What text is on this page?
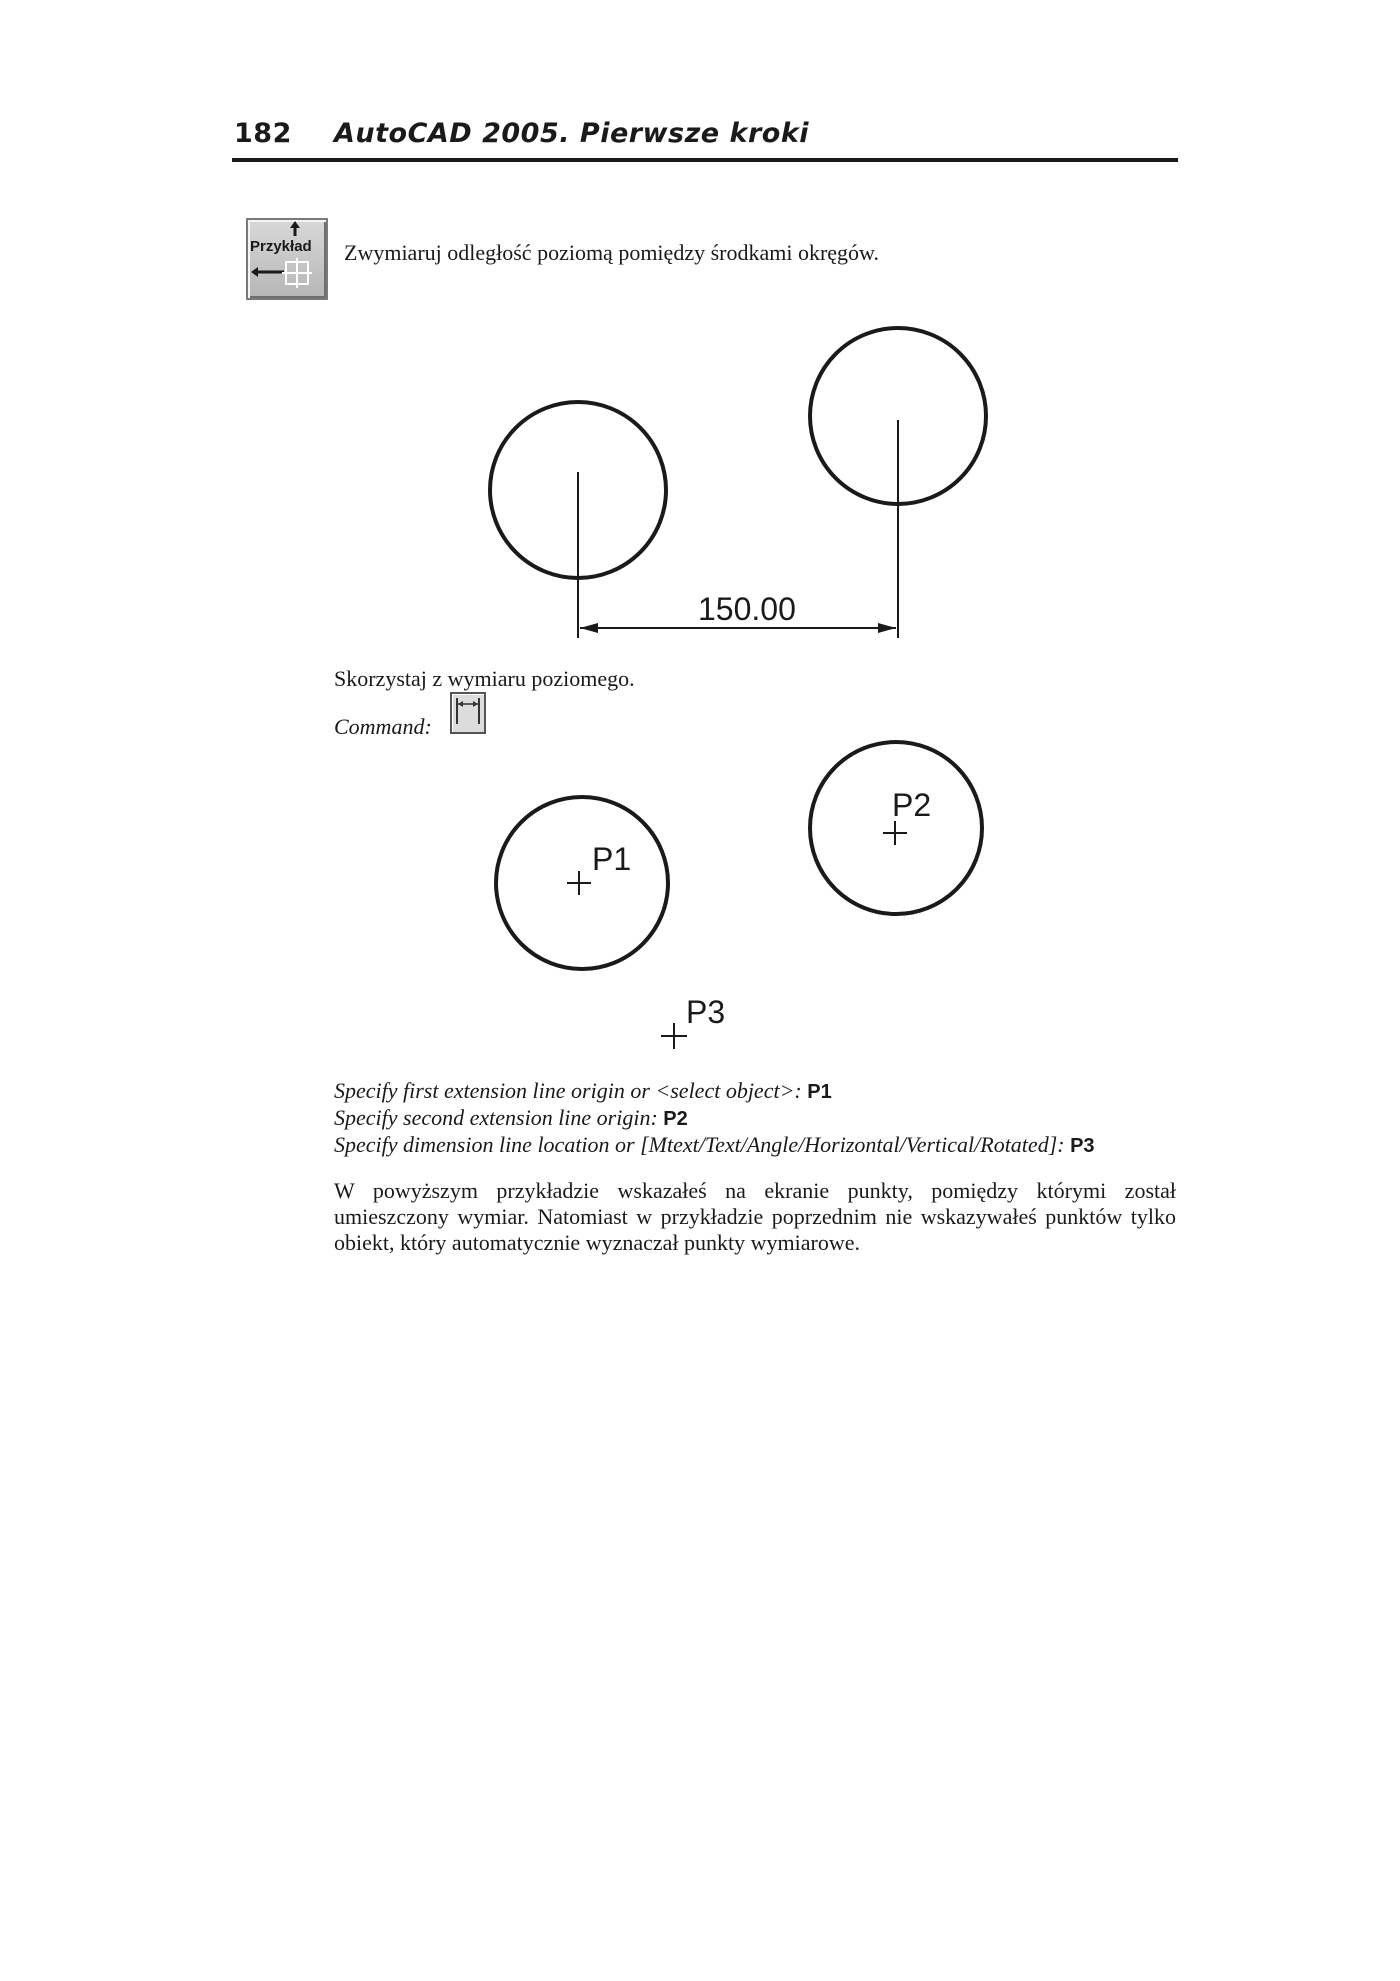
182 AutoCAD 2005. Pierwsze kroki
Przykład Zwymiaruj odległość poziomą pomiędzy środkami okręgów.
150.00
P1
P2
P3
Skorzystaj z wymiaru poziomego.
Command:
Specify first extension line origin or <select object>: P1
Specify second extension line origin: P2
Specify dimension line location or [Mtext/Text/Angle/Horizontal/Vertical/Rotated]: P3
W powyższym przykładzie wskazałeś na ekranie punkty, pomiędzy którymi został umieszczony wymiar. Natomiast w przykładzie poprzednim nie wskazywałeś punktów tylko obiekt, który automatycznie wyznaczał punkty wymiarowe.
